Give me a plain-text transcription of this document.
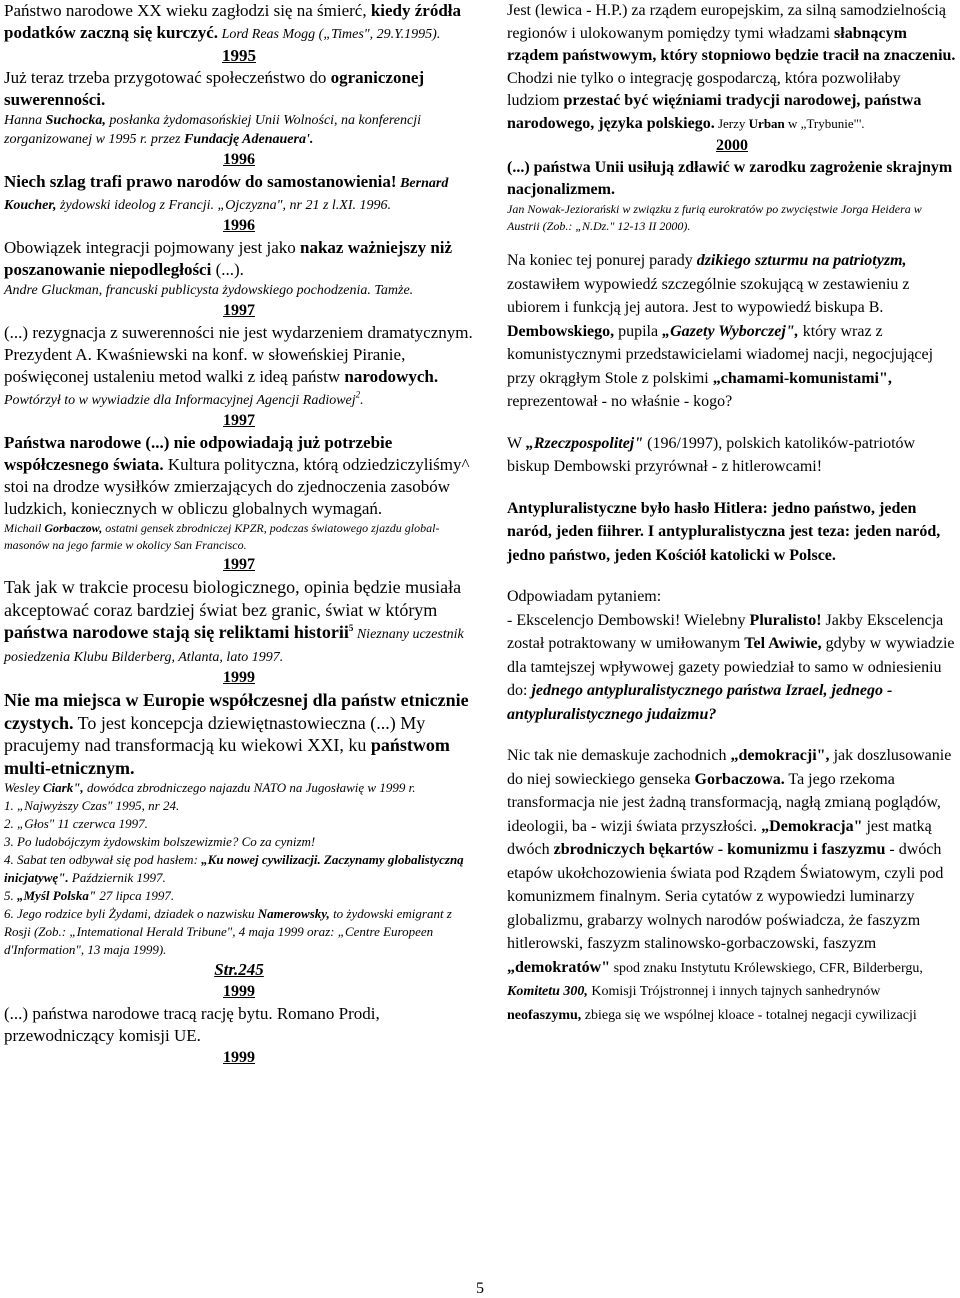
Państwo narodowe XX wieku zagłodzi się na śmierć, kiedy źródła podatków zaczną się kurczyć. Lord Reas Mogg („Times", 29.Y.1995).

1995

Już teraz trzeba przygotować społeczeństwo do ograniczonej suwerenności.

Hanna Suchocka, posłanka żydomasońskiej Unii Wolności, na konferencji zorganizowanej w 1995 r. przez Fundację Adenauera'.

1996

Niech szlag trafi prawo narodów do samostanowienia! Bernard Koucher, żydowski ideolog z Francji. „Ojczyzna", nr 21 z l.XI. 1996.

1996

Obowiązek integracji pojmowany jest jako nakaz ważniejszy niż poszanowanie niepodległości (...).

Andre Gluckman, francuski publicysta żydowskiego pochodzenia. Tamże.

1997

(...) rezygnacja z suwerenności nie jest wydarzeniem dramatycznym. Prezydent A. Kwaśniewski na konf. w słoweńskiej Piranie, poświęconej ustaleniu metod walki z ideą państw narodowych. Powtórzył to w wywiadzie dla Informacyjnej Agencji Radiowej$^2$.

1997

Państwa narodowe (...) nie odpowiadają już potrzebie współczesnego świata. Kultura polityczna, którą odziedziczyliśmy^ stoi na drodze wysiłków zmierzających do zjednoczenia zasobów ludzkich, koniecznych w obliczu globalnych wymagań.

Michail Gorbaczow, ostatni gensek zbrodniczej KPZR, podczas światowego zjazdu global-masonów na jego farmie w okolicy San Francisco.

1997

Tak jak w trakcie procesu biologicznego, opinia będzie musiała akceptować coraz bardziej świat bez granic, świat w którym państwa narodowe stają się reliktami historii$^5$ Nieznany uczestnik posiedzenia Klubu Bilderberg, Atlanta, lato 1997.

1999

Nie ma miejsca w Europie współczesnej dla państw etnicznie czystych. To jest koncepcja dziewiętnastowieczna (...) My pracujemy nad transformacją ku wiekowi XXI, ku państwom multi-etnicznym.

Wesley Ciark", dowódca zbrodniczego najazdu NATO na Jugosławię w 1999 r.

1. „Najwyższy Czas" 1995, nr 24.
2. „Głos" 11 czerwca 1997.
3. Po ludobójczym żydowskim bolszewizmie? Co za cynizm!
4. Sabat ten odbywał się pod hasłem: „Ku nowej cywilizacji. Zaczynamy globalistyczną inicjatywę". Październik 1997.
5. „Myśl Polska" 27 lipca 1997.
6. Jego rodzice byli Żydami, dziadek o nazwisku Namerowsky, to żydowski emigrant z Rosji (Zob.: „Intemational Herald Tribune", 4 maja 1999 oraz: „Centre Europeen d'Information", 13 maja 1999).
Str.245
1999

(...) państwa narodowe tracą rację bytu. Romano Prodi, przewodniczący komisji UE.

1999

Jest (lewica - H.P.) za rządem europejskim, za silną samodzielnością regionów i ulokowanym pomiędzy tymi władzami słabnącym rządem państwowym, który stopniowo będzie tracił na znaczeniu. Chodzi nie tylko o integrację gospodarczą, która pozwoliłaby ludziom przestać być więźniami tradycji narodowej, państwa narodowego, języka polskiego. Jerzy Urban w „Trybunie"'.

2000

(...) państwa Unii usiłują zdławić w zarodku zagrożenie skrajnym nacjonalizmem.

Jan Nowak-Jeziorański w związku z furią eurokratów po zwycięstwie Jorga Heidera w Austrii (Zob.: „N.Dz." 12-13 II 2000).

Na koniec tej ponurej parady dzikiego szturmu na patriotyzm, zostawiłem wypowiedź szczególnie szokującą w zestawieniu z ubiorem i funkcją jej autora. Jest to wypowiedź biskupa B. Dembowskiego, pupila „Gazety Wyborczej", który wraz z komunistycznymi przedstawicielami wiadomej nacji, negocjującej przy okrągłym Stole z polskimi „chamami-komunistami", reprezentował - no właśnie - kogo?

W „Rzeczpospolitej" (196/1997), polskich katolików-patriotów biskup Dembowski przyrównał - z hitlerowcami!

Antypluralistyczne było hasło Hitlera: jedno państwo, jeden naród, jeden fiihrer. I antypluralistyczna jest teza: jeden naród, jedno państwo, jeden Kościół katolicki w Polsce.

Odpowiadam pytaniem:
- Ekscelencjo Dembowski! Wielebny Pluralisto! Jakby Ekscelencja został potraktowany w umiłowanym Tel Awiwie, gdyby w wywiadzie dla tamtejszej wpływowej gazety powiedział to samo w odniesieniu do: jednego antypluralistycznego państwa Izrael, jednego - antypluralistycznego judaizmu?

Nic tak nie demaskuje zachodnich „demokracji", jak doszlusowanie do niej sowieckiego genseka Gorbaczowa. Ta jego rzekoma transformacja nie jest żadną transformacją, nagłą zmianą poglądów, ideologii, ba - wizji świata przyszłości. „Demokracja" jest matką dwóch zbrodniczych bękartów - komunizmu i faszyzmu - dwóch etapów ukołchozowienia świata pod Rządem Światowym, czyli pod komunizmem finalnym. Seria cytatów z wypowiedzi luminarzy globalizmu, grabarzy wolnych narodów poświadcza, że faszyzm hitlerowski, faszyzm stalinowsko-gorbaczowski, faszyzm „demokratów" spod znaku Instytutu Królewskiego, CFR, Bilderbergu, Komitetu 300, Komisji Trójstronnej i innych tajnych sanhedrynów neofaszymu, zbiega się we wspólnej kloace - totalnej negacji cywilizacji

5
